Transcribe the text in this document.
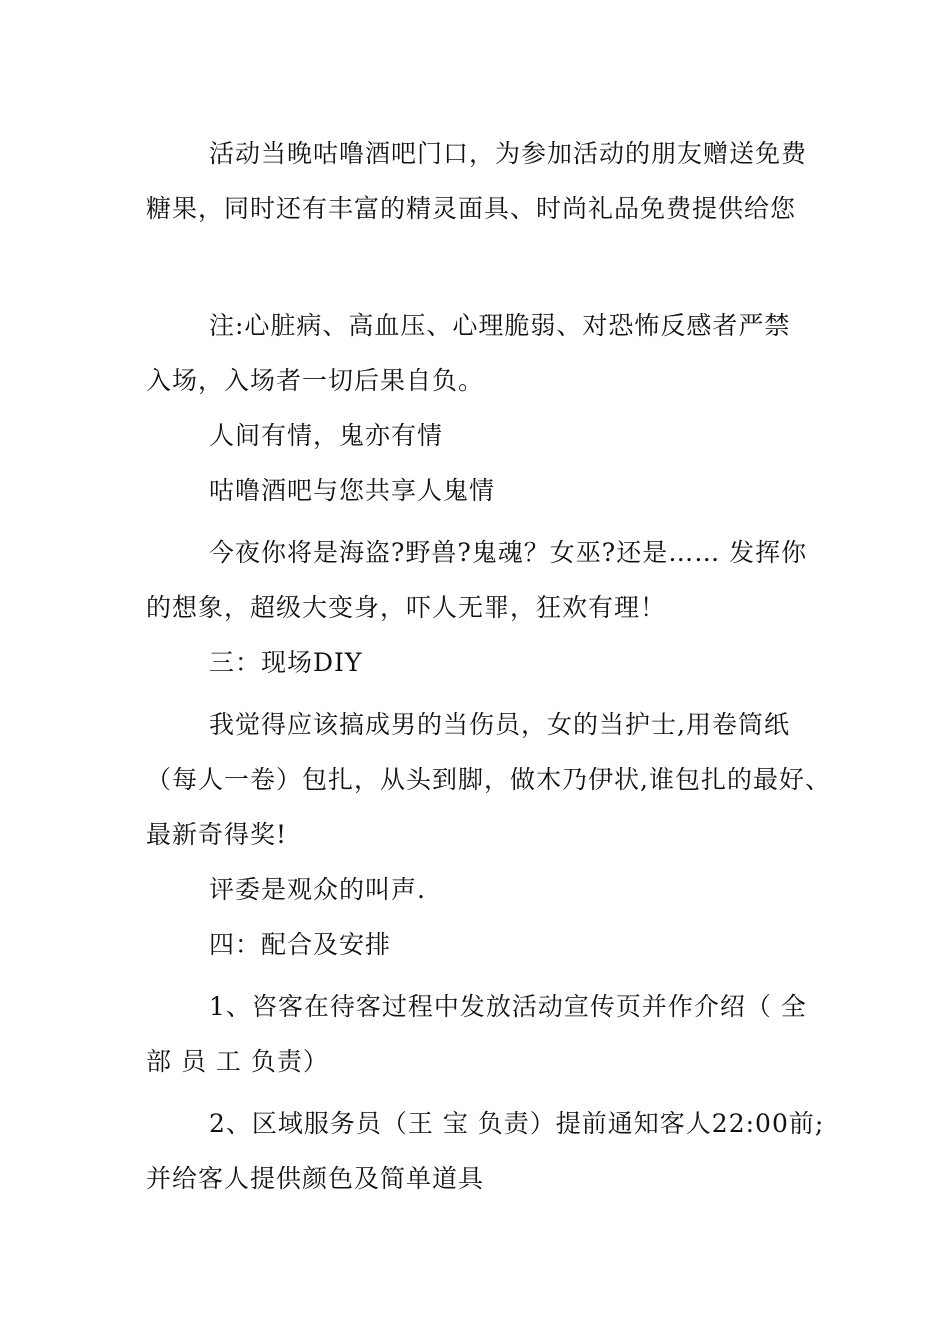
活动当晚咕噜酒吧门口，为参加活动的朋友赠送免费
糖果，同时还有丰富的精灵面具、时尚礼品免费提供给您
注:心脏病、高血压、心理脆弱、对恐怖反感者严禁
入场，入场者一切后果自负。
人间有情，鬼亦有情
咕噜酒吧与您共享人鬼情
今夜你将是海盗?野兽?鬼魂？女巫?还是…… 发挥你
的想象，超级大变身，吓人无罪，狂欢有理！
三：现场DIY
我觉得应该搞成男的当伤员，女的当护士,用卷筒纸
（每人一卷）包扎，从头到脚，做木乃伊状,谁包扎的最好、
最新奇得奖!
评委是观众的叫声.
四：配合及安排
1、咨客在待客过程中发放活动宣传页并作介绍（ 全
部 员 工 负责）
2、区域服务员（王 宝 负责）提前通知客人22:00前;
并给客人提供颜色及简单道具
